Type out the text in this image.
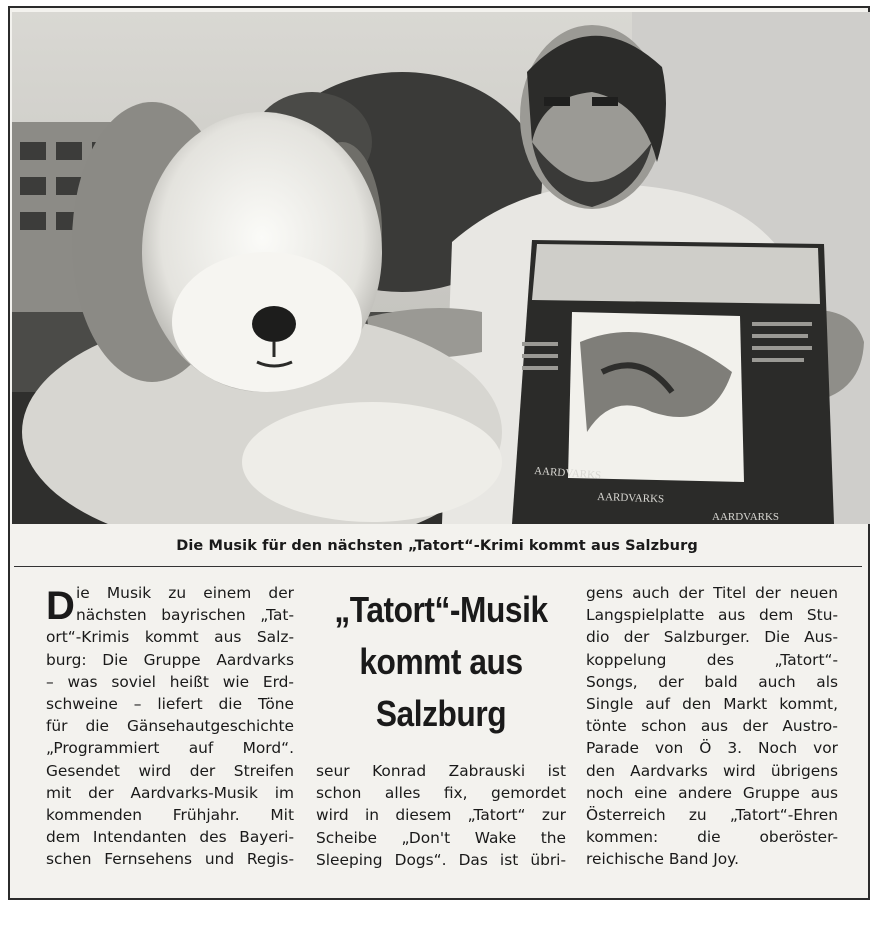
AARDVARKS
AARDVARKS
AARDVARKS
Die Musik für den nächsten „Tatort“-Krimi kommt aus Salzburg
D ie Musik zu einem der
nächsten bayrischen „Tat-
ort“-Krimis kommt aus Salz-
burg: Die Gruppe Aardvarks
– was soviel heißt wie Erd-
schweine – liefert die Töne
für die Gänsehautgeschichte
„Programmiert auf Mord“.
Gesendet wird der Streifen
mit der Aardvarks-Musik im
kommenden Frühjahr. Mit
dem Intendanten des Bayeri-
schen Fernsehens und Regis-
„Tatort“-Musik
kommt aus
Salzburg
seur Konrad Zabrauski ist
schon alles fix, gemordet
wird in diesem „Tatort“ zur
Scheibe „Don't Wake the
Sleeping Dogs“. Das ist übri-
gens auch der Titel der neuen
Langspielplatte aus dem Stu-
dio der Salzburger. Die Aus-
koppelung des „Tatort“-
Songs, der bald auch als
Single auf den Markt kommt,
tönte schon aus der Austro-
Parade von Ö 3. Noch vor
den Aardvarks wird übrigens
noch eine andere Gruppe aus
Österreich zu „Tatort“-Ehren
kommen: die oberöster-
reichische Band Joy.
